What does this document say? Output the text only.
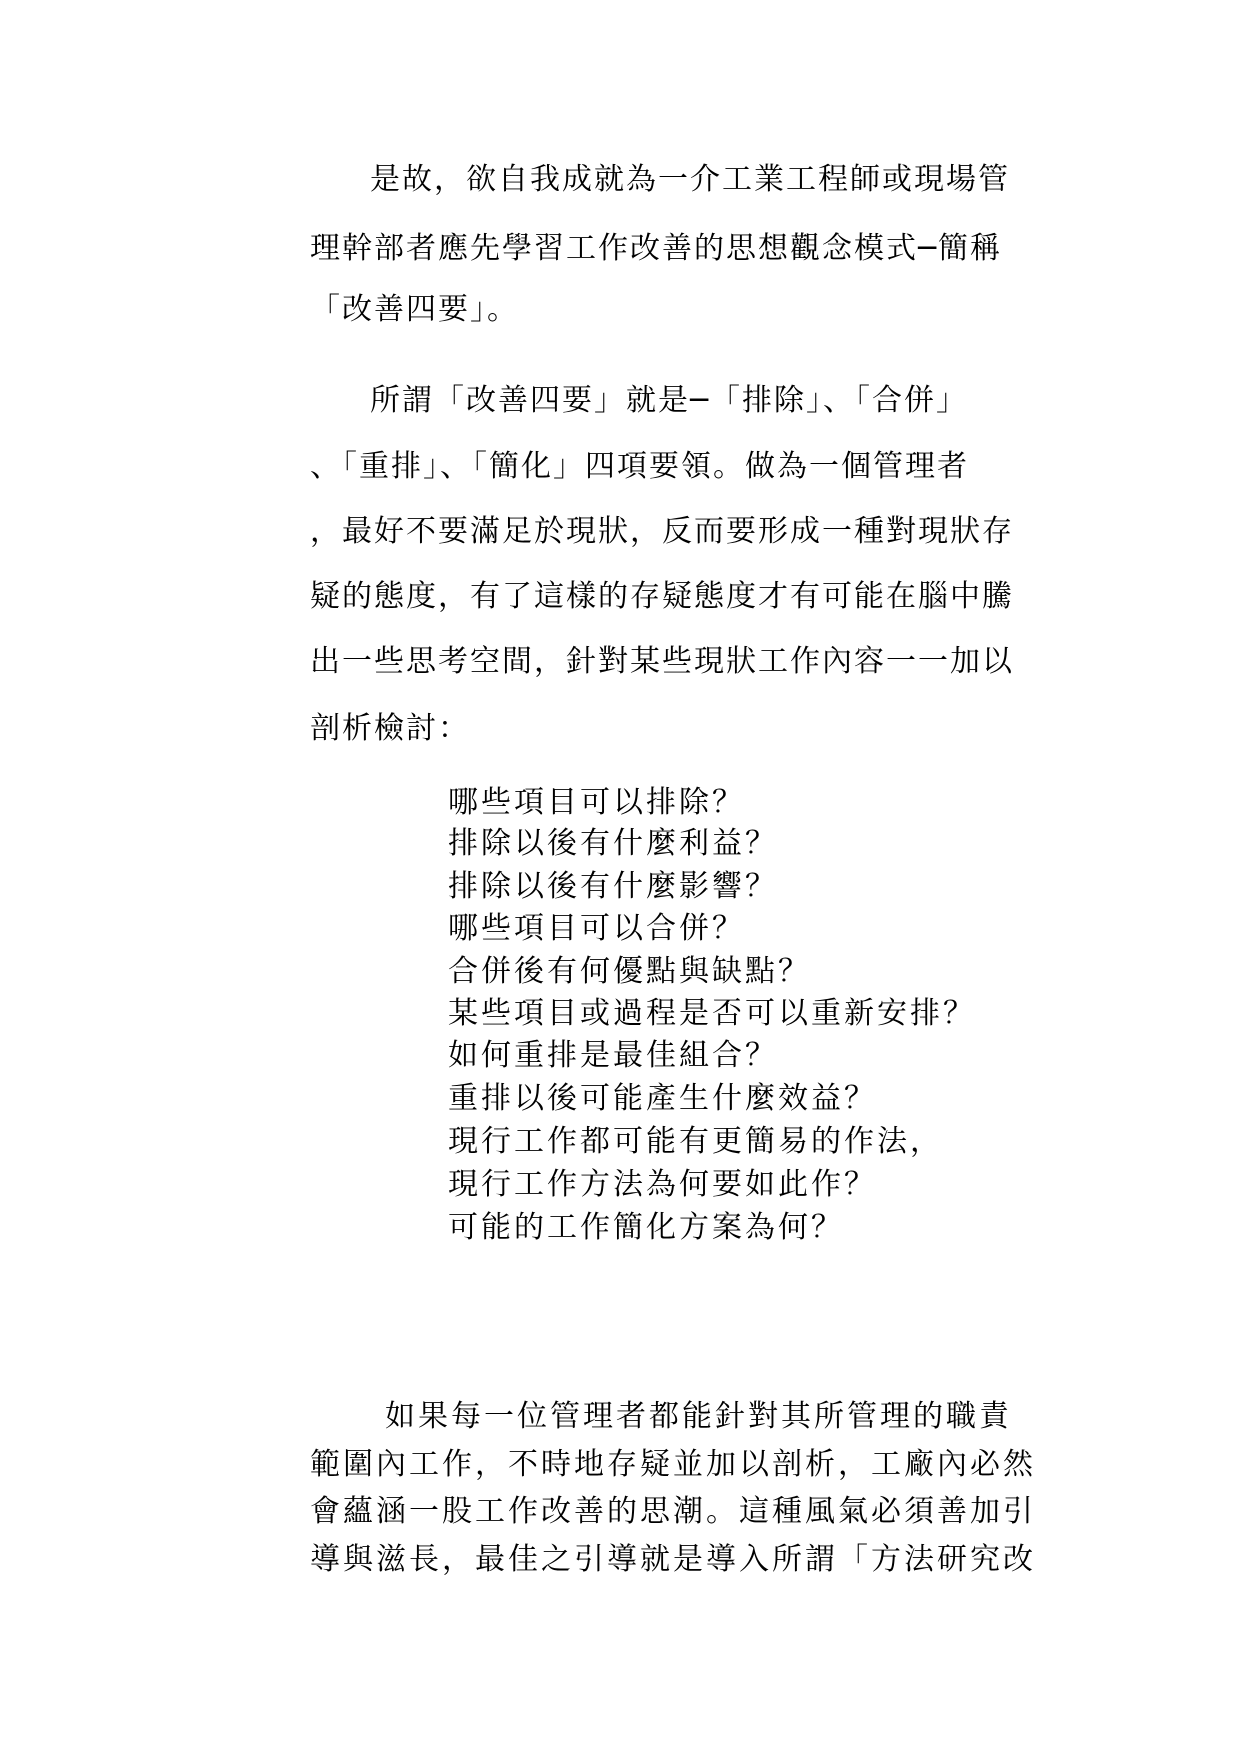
是故，欲自我成就為一介工業工程師或現場管
理幹部者應先學習工作改善的思想觀念模式─簡稱
「改善四要」。
所謂「改善四要」就是─「排除」、「合併」
、「重排」、「簡化」四項要領。做為一個管理者
，最好不要滿足於現狀，反而要形成一種對現狀存
疑的態度，有了這樣的存疑態度才有可能在腦中騰
出一些思考空間，針對某些現狀工作內容一一加以
剖析檢討：
哪些項目可以排除？
排除以後有什麼利益？
排除以後有什麼影響？
哪些項目可以合併？
合併後有何優點與缺點？
某些項目或過程是否可以重新安排？
如何重排是最佳組合？
重排以後可能產生什麼效益？
現行工作都可能有更簡易的作法，
現行工作方法為何要如此作？
可能的工作簡化方案為何？
如果每一位管理者都能針對其所管理的職責
範圍內工作，不時地存疑並加以剖析，工廠內必然
會蘊涵一股工作改善的思潮。這種風氣必須善加引
導與滋長，最佳之引導就是導入所謂「方法研究改
